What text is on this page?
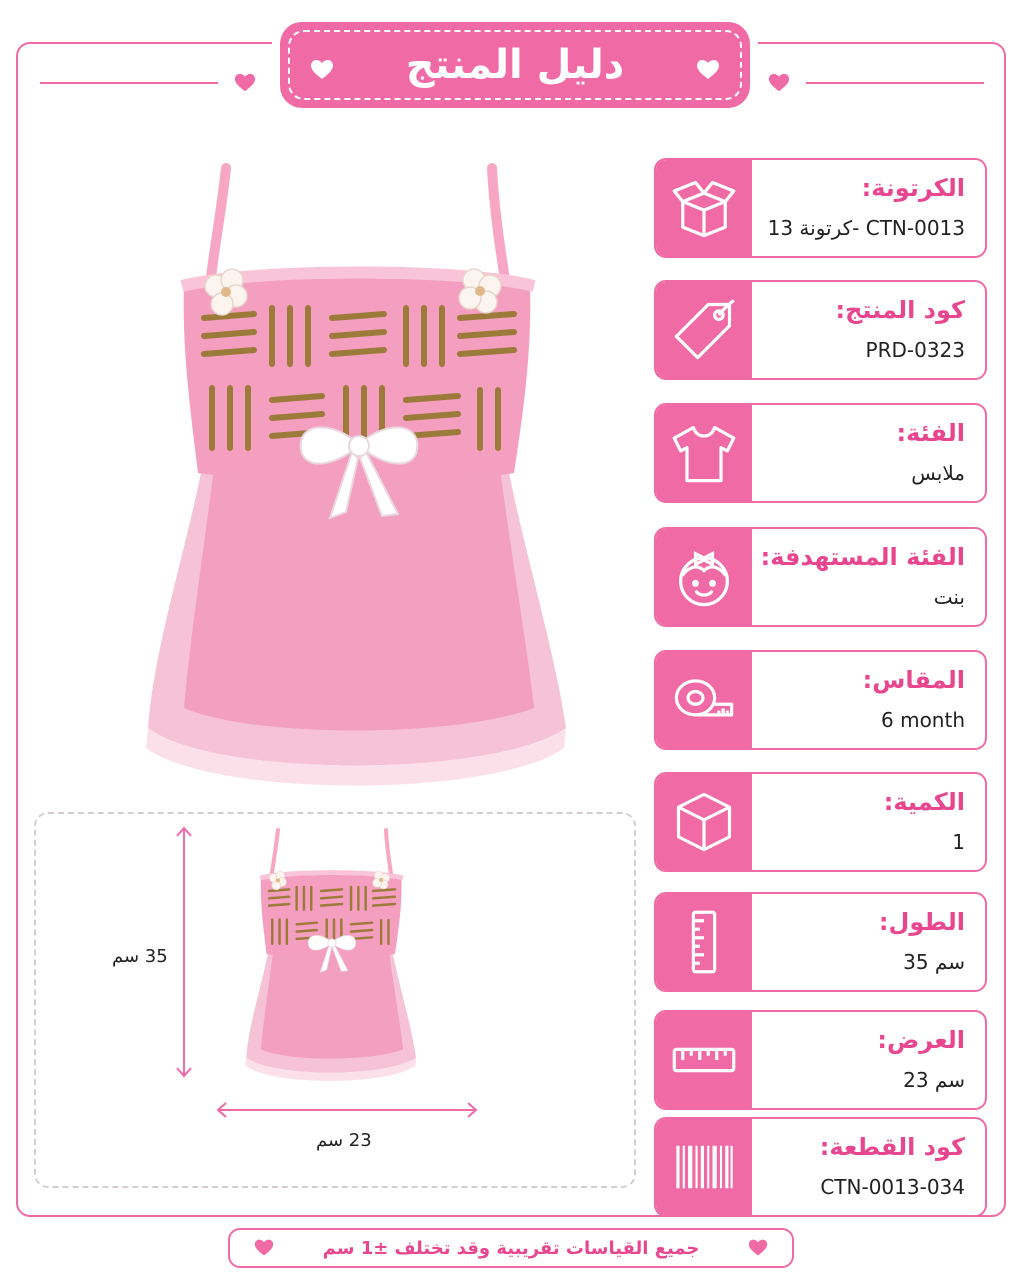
دليل المنتج
الكرتونة:
كرتونة 13- CTN-0013
كود المنتج:
PRD-0323
الفئة:
ملابس
الفئة المستهدفة:
بنت
المقاس:
6 month
الكمية:
1
الطول:
35 سم
العرض:
23 سم
كود القطعة:
CTN-0013-034
35 سم
23 سم
جميع القياسات تقريبية وقد تختلف ±1 سم
